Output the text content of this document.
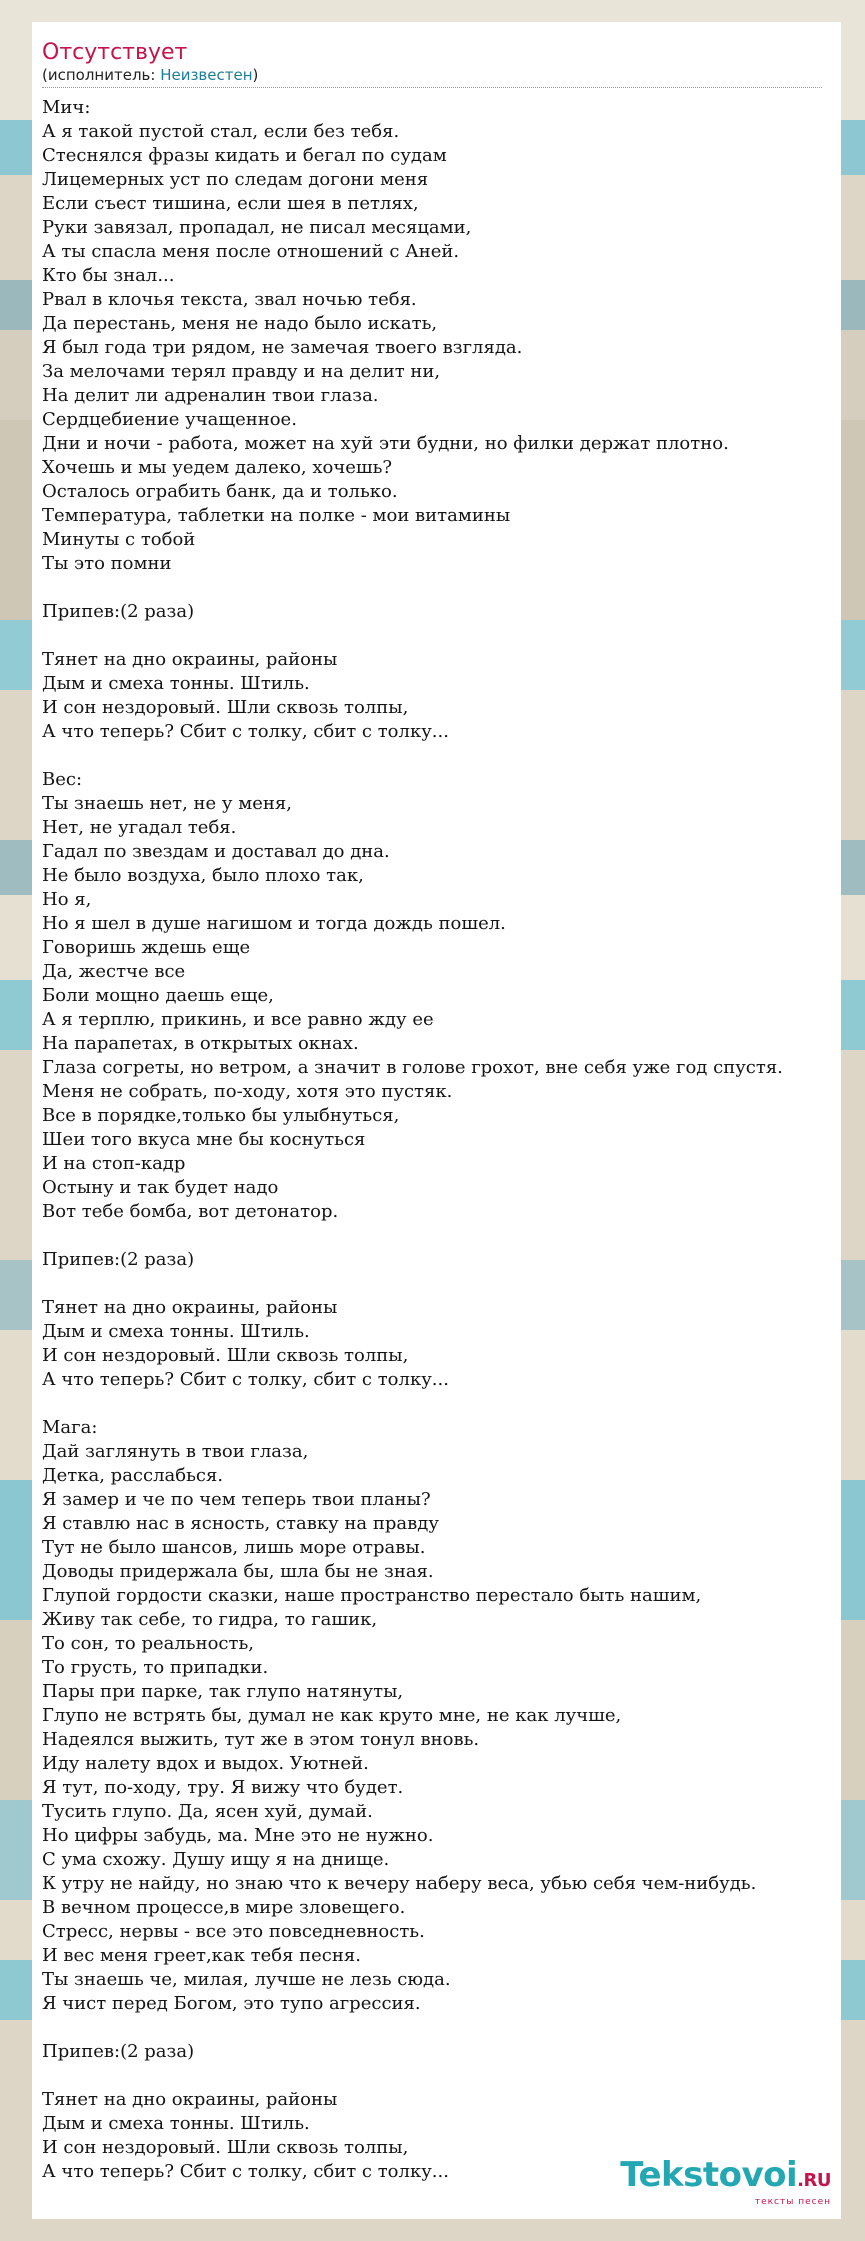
Отсутствует
(исполнитель: Неизвестен)
Мич:
А я такой пустой стал, если без тебя.
Стеснялся фразы кидать и бегал по судам
Лицемерных уст по следам догони меня
Если съест тишина, если шея в петлях,
Руки завязал, пропадал, не писал месяцами,
А ты спасла меня после отношений с Аней.
Кто бы знал...
Рвал в клочья текста, звал ночью тебя.
Да перестань, меня не надо было искать,
Я был года три рядом, не замечая твоего взгляда.
За мелочами терял правду и на делит ни,
На делит ли адреналин твои глаза.
Сердцебиение учащенное.
Дни и ночи - работа, может на хуй эти будни, но филки держат плотно.
Хочешь и мы уедем далеко, хочешь?
Осталось ограбить банк, да и только.
Температура, таблетки на полке - мои витамины
Минуты с тобой
Ты это помни
Припев:(2 раза)
Тянет на дно окраины, районы
Дым и смеха тонны. Штиль.
И сон нездоровый. Шли сквозь толпы,
А что теперь? Сбит с толку, сбит с толку...
Вес:
Ты знаешь нет, не у меня,
Нет, не угадал тебя.
Гадал по звездам и доставал до дна.
Не было воздуха, было плохо так,
Но я,
Но я шел в душе нагишом и тогда дождь пошел.
Говоришь ждешь еще
Да, жестче все
Боли мощно даешь еще,
А я терплю, прикинь, и все равно жду ее
На парапетах, в открытых окнах.
Глаза согреты, но ветром, а значит в голове грохот, вне себя уже год спустя.
Меня не собрать, по-ходу, хотя это пустяк.
Все в порядке,только бы улыбнуться,
Шеи того вкуса мне бы коснуться
И на стоп-кадр
Остыну и так будет надо
Вот тебе бомба, вот детонатор.
Припев:(2 раза)
Тянет на дно окраины, районы
Дым и смеха тонны. Штиль.
И сон нездоровый. Шли сквозь толпы,
А что теперь? Сбит с толку, сбит с толку...
Мага:
Дай заглянуть в твои глаза,
Детка, расслабься.
Я замер и че по чем теперь твои планы?
Я ставлю нас в ясность, ставку на правду
Тут не было шансов, лишь море отравы.
Доводы придержала бы, шла бы не зная.
Глупой гордости сказки, наше пространство перестало быть нашим,
Живу так себе, то гидра, то гашик,
То сон, то реальность,
То грусть, то припадки.
Пары при парке, так глупо натянуты,
Глупо не встрять бы, думал не как круто мне, не как лучше,
Надеялся выжить, тут же в этом тонул вновь.
Иду налету вдох и выдох. Уютней.
Я тут, по-ходу, тру. Я вижу что будет.
Тусить глупо. Да, ясен хуй, думай.
Но цифры забудь, ма. Мне это не нужно.
С ума схожу. Душу ищу я на днище.
К утру не найду, но знаю что к вечеру наберу веса, убью себя чем-нибудь.
В вечном процессе,в мире зловещего.
Стресс, нервы - все это повседневность.
И вес меня греет,как тебя песня.
Ты знаешь че, милая, лучше не лезь сюда.
Я чист перед Богом, это тупо агрессия.
Припев:(2 раза)
Тянет на дно окраины, районы
Дым и смеха тонны. Штиль.
И сон нездоровый. Шли сквозь толпы,
А что теперь? Сбит с толку, сбит с толку...	Tekstovoi.RU
тексты песен
